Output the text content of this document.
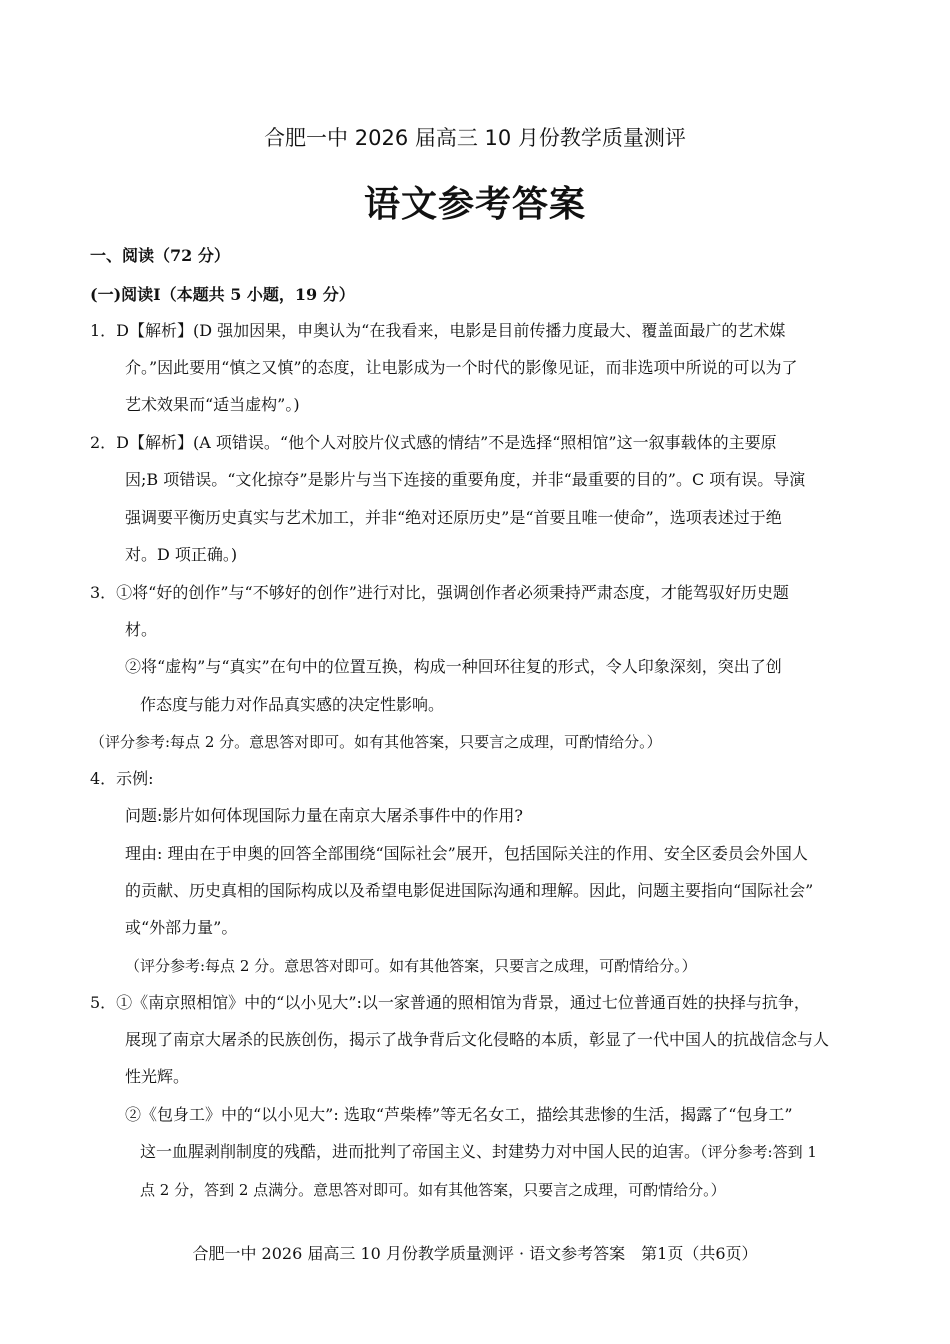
合肥一中 2026 届高三 10 月份教学质量测评
语文参考答案
一、阅读（72 分）
(一)阅读Ⅰ（本题共 5 小题，19 分）
1．D【解析】(D 强加因果，申奥认为“在我看来，电影是目前传播力度最大、覆盖面最广的艺术媒
介。”因此要用“慎之又慎”的态度，让电影成为一个时代的影像见证，而非选项中所说的可以为了
艺术效果而“适当虚构”。)
2．D【解析】(A 项错误。“他个人对胶片仪式感的情结”不是选择“照相馆”这一叙事载体的主要原
因;B 项错误。“文化掠夺”是影片与当下连接的重要角度，并非“最重要的目的”。C 项有误。导演
强调要平衡历史真实与艺术加工，并非“绝对还原历史”是“首要且唯一使命”，选项表述过于绝
对。D 项正确。)
3．①将“好的创作”与“不够好的创作”进行对比，强调创作者必须秉持严肃态度，才能驾驭好历史题
材。
②将“虚构”与“真实”在句中的位置互换，构成一种回环往复的形式，令人印象深刻，突出了创
作态度与能力对作品真实感的决定性影响。
（评分参考:每点 2 分。意思答对即可。如有其他答案，只要言之成理，可酌情给分。）
4．示例:
问题:影片如何体现国际力量在南京大屠杀事件中的作用?
理由: 理由在于申奥的回答全部围绕“国际社会”展开，包括国际关注的作用、安全区委员会外国人
的贡献、历史真相的国际构成以及希望电影促进国际沟通和理解。因此，问题主要指向“国际社会”
或“外部力量”。
（评分参考:每点 2 分。意思答对即可。如有其他答案，只要言之成理，可酌情给分。）
5．①《南京照相馆》中的“以小见大”:以一家普通的照相馆为背景，通过七位普通百姓的抉择与抗争，
展现了南京大屠杀的民族创伤，揭示了战争背后文化侵略的本质，彰显了一代中国人的抗战信念与人
性光辉。
②《包身工》中的“以小见大”: 选取“芦柴棒”等无名女工，描绘其悲惨的生活，揭露了“包身工”
这一血腥剥削制度的残酷，进而批判了帝国主义、封建势力对中国人民的迫害。（评分参考:答到 1
点 2 分，答到 2 点满分。意思答对即可。如有其他答案，只要言之成理，可酌情给分。）
合肥一中 2026 届高三 10 月份教学质量测评 · 语文参考答案　第1页（共6页）
